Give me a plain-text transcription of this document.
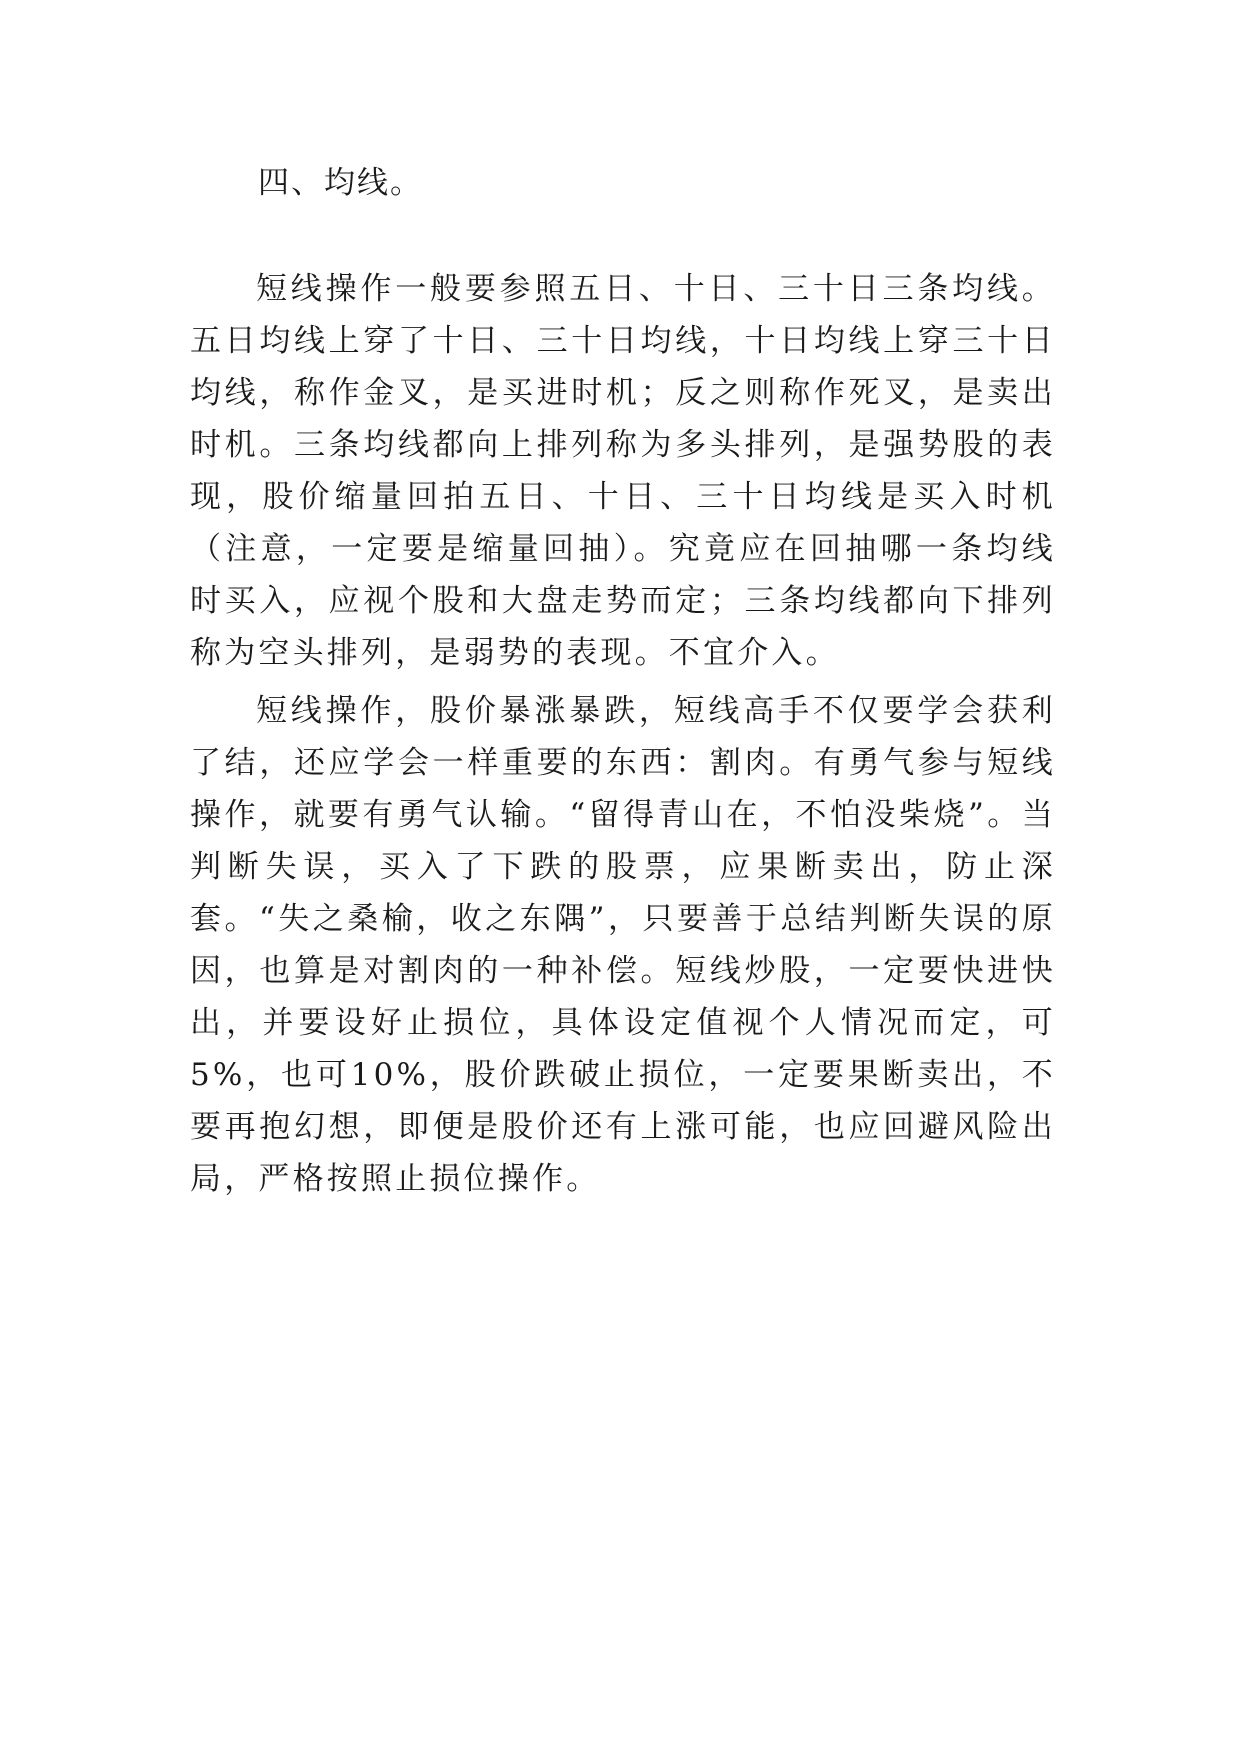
四、均线。

短线操作一般要参照五日、十日、三十日三条均线。五日均线上穿了十日、三十日均线，十日均线上穿三十日均线，称作金叉，是买进时机；反之则称作死叉，是卖出时机。三条均线都向上排列称为多头排列，是强势股的表现，股价缩量回拍五日、十日、三十日均线是买入时机（注意，一定要是缩量回抽）。究竟应在回抽哪一条均线时买入，应视个股和大盘走势而定；三条均线都向下排列称为空头排列，是弱势的表现。不宜介入。

短线操作，股价暴涨暴跌，短线高手不仅要学会获利了结，还应学会一样重要的东西：割肉。有勇气参与短线操作，就要有勇气认输。“留得青山在，不怕没柴烧”。当判断失误，买入了下跌的股票，应果断卖出，防止深套。“失之桑榆，收之东隅”，只要善于总结判断失误的原因，也算是对割肉的一种补偿。短线炒股，一定要快进快出，并要设好止损位，具体设定值视个人情况而定，可5%，也可10%，股价跌破止损位，一定要果断卖出，不要再抱幻想，即便是股价还有上涨可能，也应回避风险出局，严格按照止损位操作。
